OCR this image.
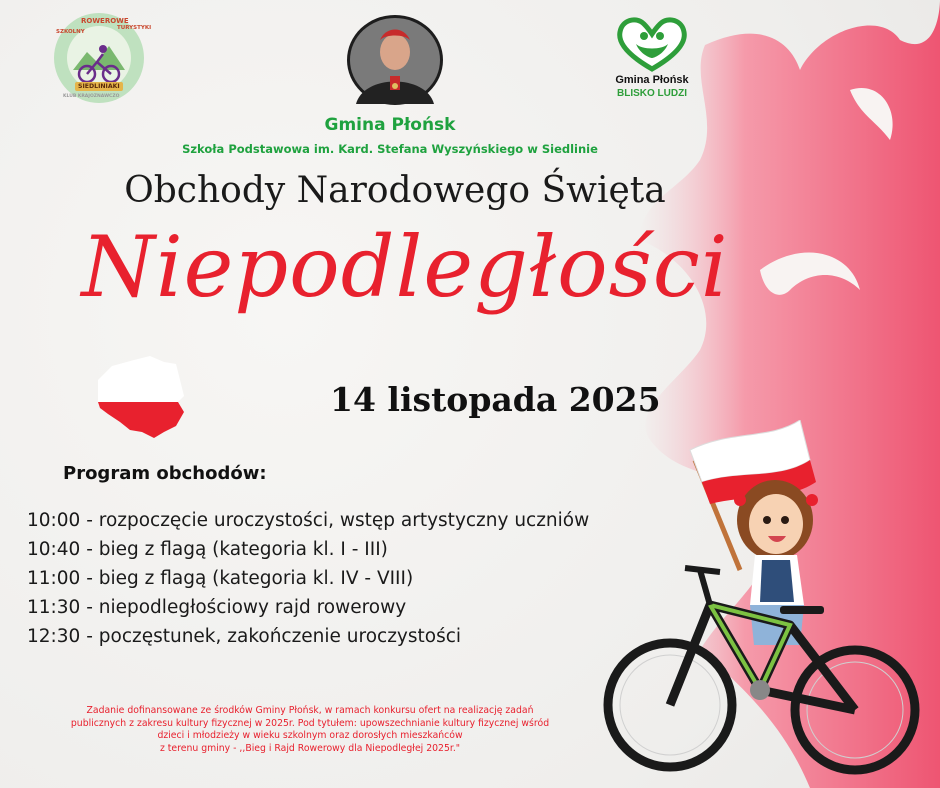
ROWEROWE
SZKOLNY
TURYSTYKI
KLUB KRAJOZNAWCZO
SIEDLINIAKI
Gmina Płońsk
BLISKO LUDZI
Gmina Płońsk
Szkoła Podstawowa im. Kard. Stefana Wyszyńskiego w Siedlinie
Obchody Narodowego Święta
Niepodległości
14 listopada 2025
Program obchodów:
10:00 - rozpoczęcie uroczystości, wstęp artystyczny uczniów
10:40 - bieg z flagą (kategoria kl. I - III)
11:00 - bieg z flagą (kategoria kl. IV - VIII)
11:30 - niepodległościowy rajd rowerowy
12:30 - poczęstunek, zakończenie uroczystości
Zadanie dofinansowane ze środków Gminy Płońsk, w ramach konkursu ofert na realizację zadań
publicznych z zakresu kultury fizycznej w 2025r. Pod tytułem: upowszechnianie kultury fizycznej wśród
dzieci i młodzieży w wieku szkolnym oraz dorosłych mieszkańców
z terenu gminy - ,,Bieg i Rajd Rowerowy dla Niepodległej 2025r."
